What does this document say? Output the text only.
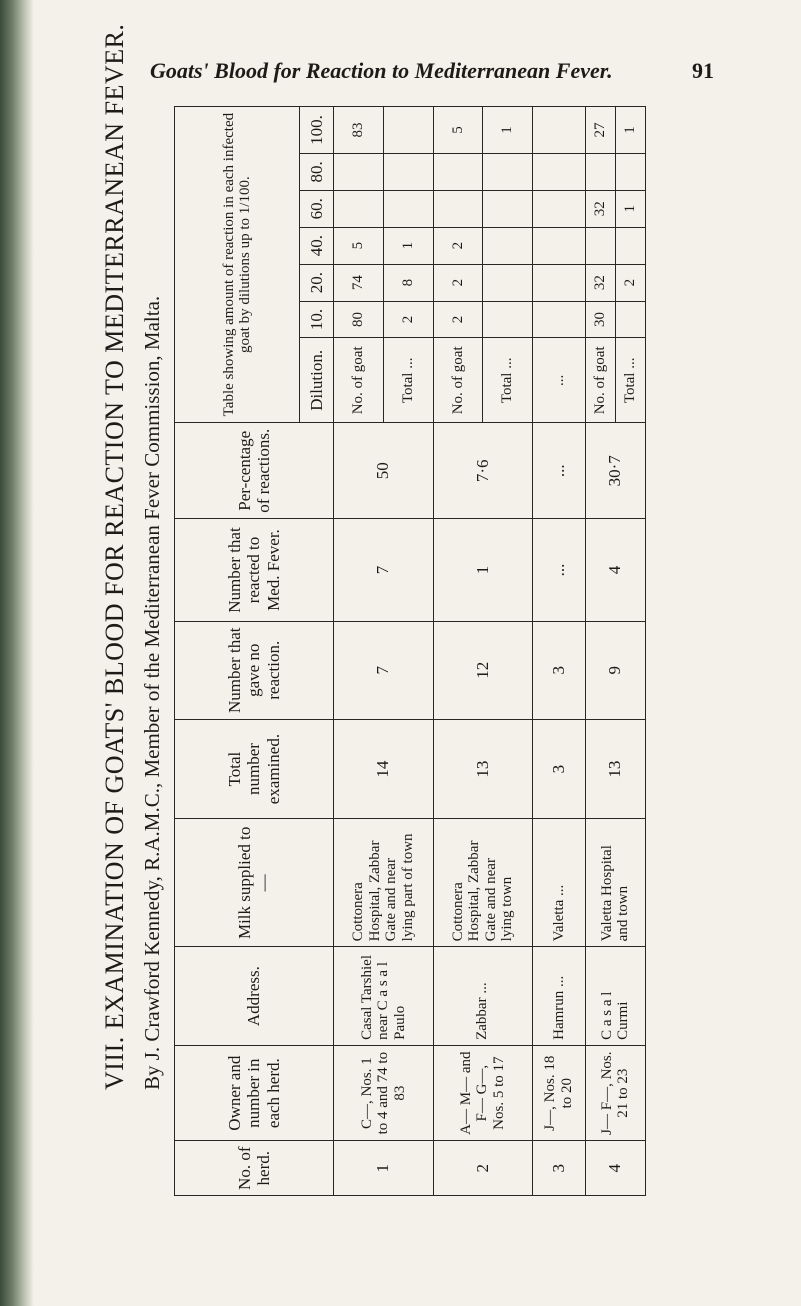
Goats' Blood for Reaction to Mediterranean Fever.	91
VIII. EXAMINATION OF GOATS' BLOOD FOR REACTION TO MEDITERRANEAN FEVER. By J. Crawford Kennedy, R.A.M.C., Member of the Mediterranean Fever Commission, Malta.
No. of herd.	Owner and number in each herd.	Address.	Milk supplied to—	Total number examined.	Number that gave no reaction.	Number that reacted to Med. Fever.	Per-centage of reactions.	Table showing amount of reaction in each infected goat by dilutions up to 1/100.						
								Dilution.	10.	20.	40.	60.	80.	100.
1	C—, Nos. 1 to 4 and 74 to 83	Casal Tarshiel near C a s a l Paulo	Cottonera Hospital, Zabbar Gate and near lying part of town	14	7	7	50	No. of goat	80	74	5			83
								Total ...	2	8	1			
2	A— M— and F— G—, Nos. 5 to 17	Zabbar ...	Cottonera Hospital, Zabbar Gate and near lying town	13	12	1	7·6	No. of goat	2	2	2			5
								Total ...						1
3	J—, Nos. 18 to 20	Hamrun ...	Valetta ...	3	3	...	...	...						
4	J— F—, Nos. 21 to 23	C a s a l Curmi	Valetta Hospital and town	13	9	4	30·7	No. of goat	30	32		32		27
								Total ...		2		1		1
